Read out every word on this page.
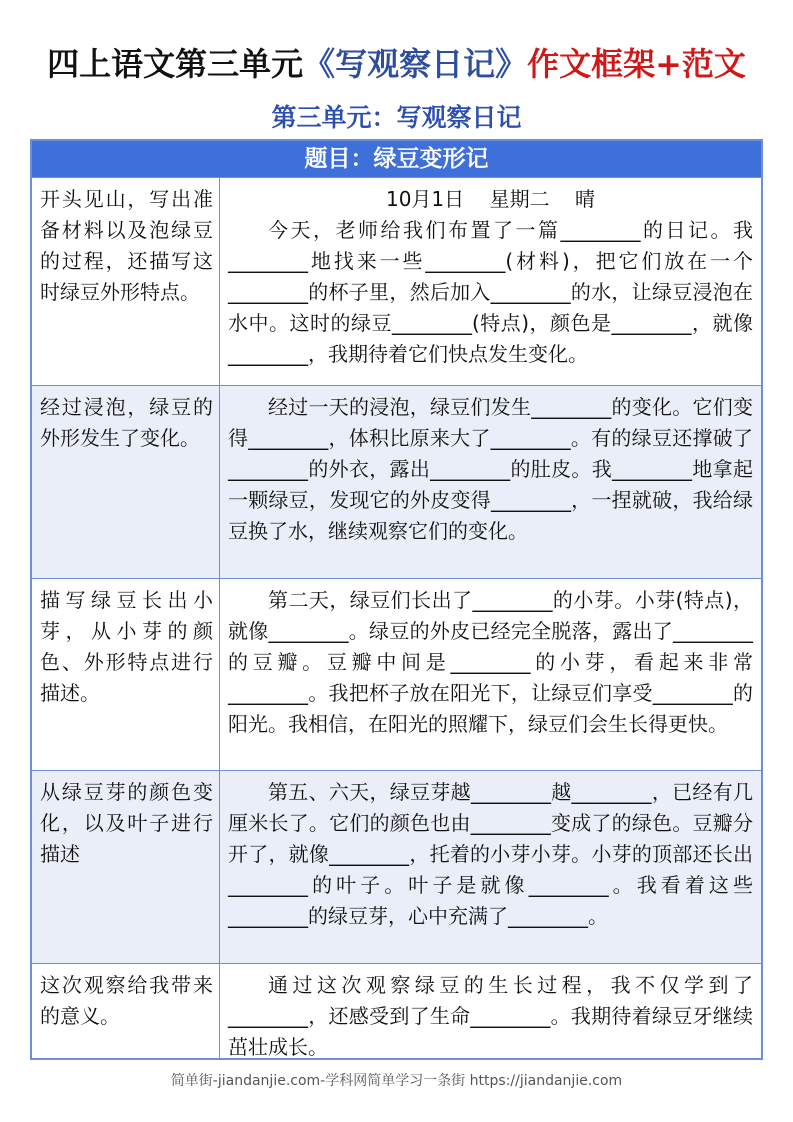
四上语文第三单元《写观察日记》作文框架+范文
第三单元：写观察日记
题目：绿豆变形记
开头见山，写出准备材料以及泡绿豆的过程，还描写这时绿豆外形特点。
10月1日    星期二    晴

今天，老师给我们布置了一篇________的日记。我________地找来一些________(材料)，把它们放在一个________的杯子里，然后加入________的水，让绿豆浸泡在水中。这时的绿豆________(特点)，颜色是________，就像________，我期待着它们快点发生变化。

经过浸泡，绿豆的外形发生了变化。

经过一天的浸泡，绿豆们发生________的变化。它们变得________，体积比原来大了________。有的绿豆还撑破了________的外衣，露出________的肚皮。我________地拿起一颗绿豆，发现它的外皮变得________，一捏就破，我给绿豆换了水，继续观察它们的变化。

描写绿豆长出小芽，从小芽的颜色、外形特点进行描述。

第二天，绿豆们长出了________的小芽。小芽(特点)，就像________。绿豆的外皮已经完全脱落，露出了________的豆瓣。豆瓣中间是________的小芽，看起来非常________。我把杯子放在阳光下，让绿豆们享受________的阳光。我相信，在阳光的照耀下，绿豆们会生长得更快。

从绿豆芽的颜色变化，以及叶子进行描述

第五、六天，绿豆芽越________越________，已经有几厘米长了。它们的颜色也由________变成了的绿色。豆瓣分开了，就像________，托着的小芽小芽。小芽的顶部还长出________的叶子。叶子是就像________。我看着这些________的绿豆芽，心中充满了________。

这次观察给我带来的意义。

通过这次观察绿豆的生长过程，我不仅学到了________，还感受到了生命________。我期待着绿豆牙继续茁壮成长。

简单街-jiandanjie.com-学科网简单学习一条街 https://jiandanjie.com
